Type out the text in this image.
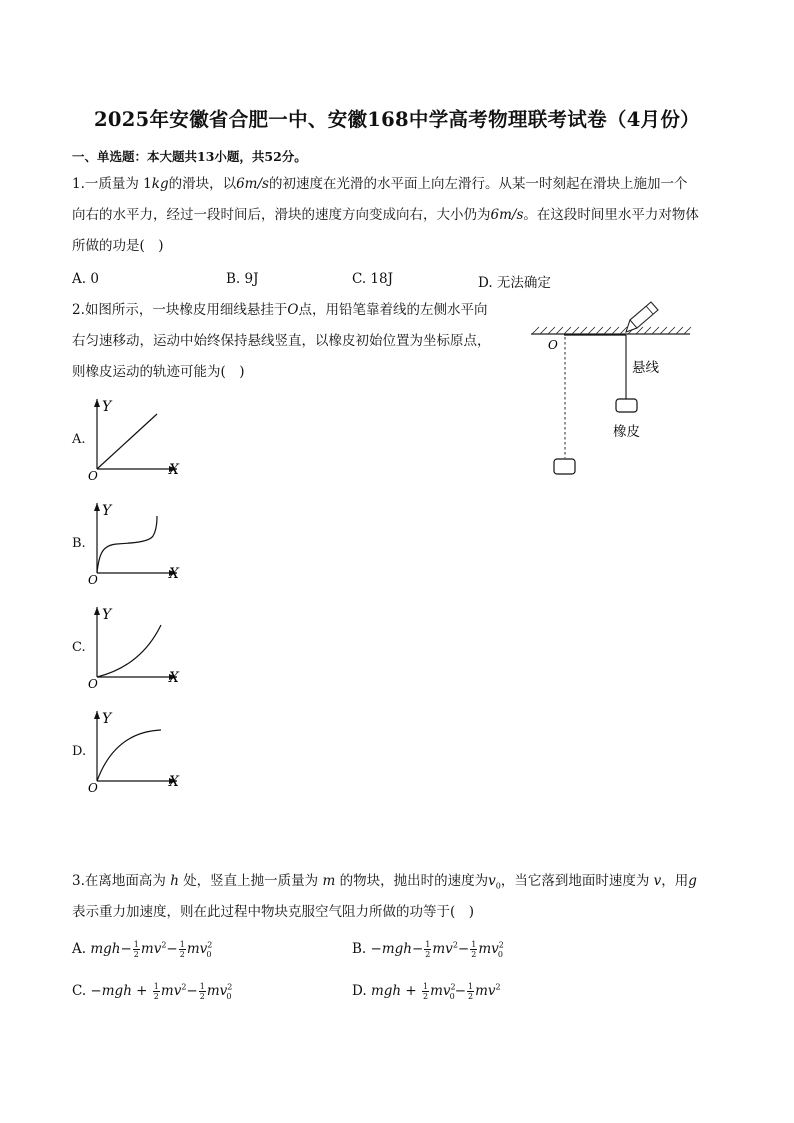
2025年安徽省合肥一中、安徽168中学高考物理联考试卷（4月份）
一、单选题：本大题共13小题，共52分。
1.一质量为 1kg的滑块，以6m/s的初速度在光滑的水平面上向左滑行。从某一时刻起在滑块上施加一个
向右的水平力，经过一段时间后，滑块的速度方向变成向右，大小仍为6m/s。在这段时间里水平力对物体
所做的功是(　)
A. 0	B. 9J	C. 18J	D. 无法确定
2.如图所示，一块橡皮用细线悬挂于O点，用铅笔靠着线的左侧水平向
右匀速移动，运动中始终保持悬线竖直，以橡皮初始位置为坐标原点，
则橡皮运动的轨迹可能为(　)
O
悬线
橡皮
A.
Y
X
O
B.
Y
X
O
C.
Y
X
O
D.
Y
X
O
3.在离地面高为 h 处，竖直上抛一质量为 m 的物块，抛出时的速度为$v_0$，当它落到地面时速度为 v，用g
表示重力加速度，则在此过程中物块克服空气阻力所做的功等于(　)
A. $mgh- \frac{1}{2} mv^2- \frac{1}{2} mv^2_0$	B. $-mgh- \frac{1}{2} mv^2- \frac{1}{2} mv^2_0$
C. $-mgh + \frac{1}{2} mv^2- \frac{1}{2} mv^2_0$	D. mgh + $\frac{1}{2} mv^2_0- \frac{1}{2} mv^2$
